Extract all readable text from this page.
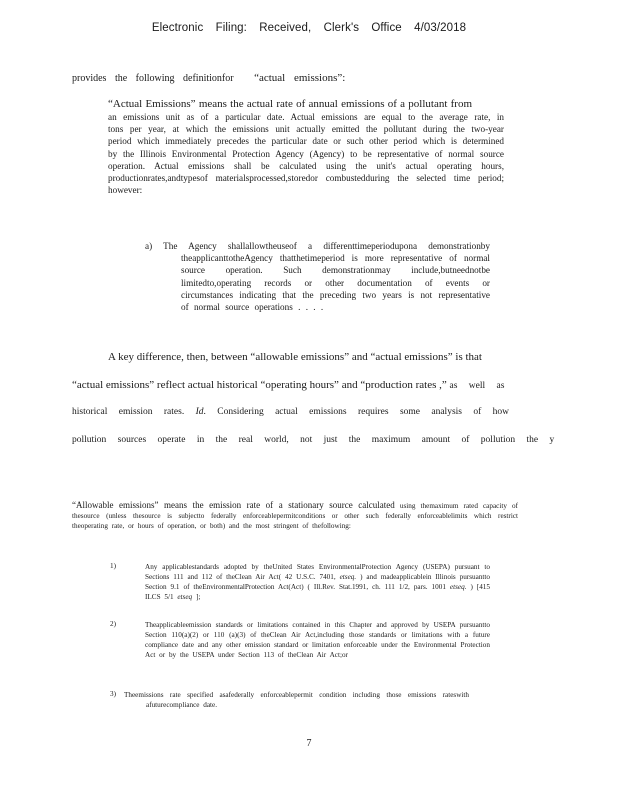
Electronic Filing: Received, Clerk's Office 4/03/2018
provides the following definitionfor “actual emissions”:

“Actual Emissions” means the actual rate of annual emissions of a pollutant from

an emissions unit as of a particular date. Actual emissions are equal to the average rate, in tons per year, at which the emissions unit actually emitted the pollutant during the two-year period which immediately precedes the particular date or such other period which is determined by the Illinois Environmental Protection Agency (Agency) to be representative of normal source operation. Actual emissions shall be calculated using the unit's actual operating hours, productionrates,andtypesof materialsprocessed,storedor combustedduring the selected time period; however:

a) The Agency shallallowtheuseof a differenttimeperiodupona demonstrationby theapplicanttotheAgency thatthetimeperiod is more representative of normal source operation. Such demonstrationmay include,butneednotbe limitedto,operating records or other documentation of events or circumstances indicating that the preceding two years is not representative of normal source operations . . . .

A key difference, then, between “allowable emissions” and “actual emissions” is that
“actual emissions” reflect actual historical “operating hours” and “production rates ,” as well as
historical emission rates. Id. Considering actual emissions requires some analysis of how
pollution sources operate in the real world, not just the maximum amount of pollution the y

“Allowable emissions” means the emission rate of a stationary source calculated using themaximum rated capacity of thesource (unless thesource is subjectto federally enforceablepermitconditions or other such federally enforceablelimits which restrict theoperating rate, or hours of operation, or both) and the most stringent of thefollowing:

1)	Any applicablestandards adopted by theUnited States EnvironmentalProtection Agency (USEPA) pursuant to Sections 111 and 112 of theClean Air Act( 42 U.S.C. 7401, etseq. ) and madeapplicablein Illinois pursuantto Section 9.1 of theEnvironmentalProtection Act(Act) ( Ill.Rev. Stat.1991, ch. 111 1/2, pars. 1001 etseq. ) [415 ILCS 5/1 etseq ];

2)	Theapplicableemission standards or limitations contained in this Chapter and approved by USEPA pursuantto Section 110(a)(2) or 110 (a)(3) of theClean Air Act,including those standards or limitations with a future compliance date and any other emission standard or limitation enforceable under the Environmental Protection Act or by the USEPA under Section 113 of theClean Air Act;or

3) Theemissions rate specified asafederally enforceablepermit condition including those emissions rateswith afuturecompliance date.

7
